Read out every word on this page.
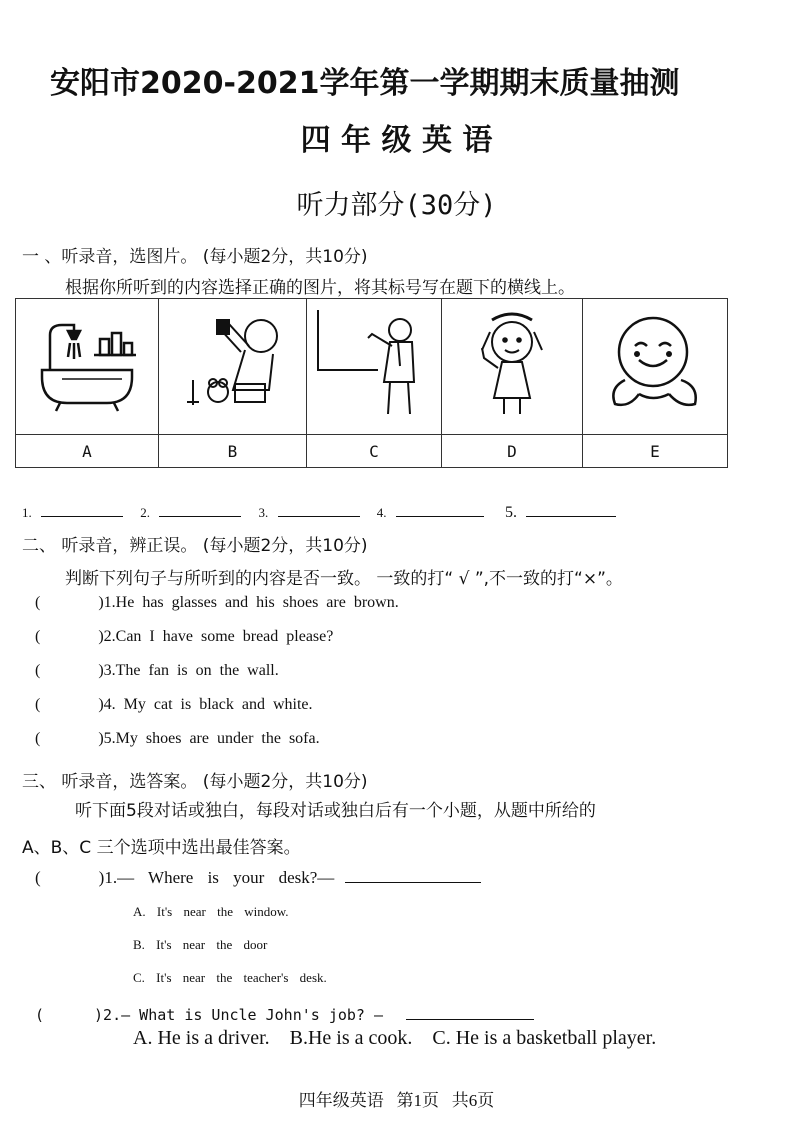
安阳市2020-2021学年第一学期期末质量抽测
四 年 级 英 语
听力部分(30分)
一 、听录音，选图片。 (每小题2分，共10分)
根据你所听到的内容选择正确的图片，将其标号写在题下的横线上。

A	B	C	D	E
1.	2.	3.	4.	5.
二、 听录音，辨正误。 (每小题2分，共10分)
判断下列句子与所听到的内容是否一致。 一致的打“ √ ”,不一致的打“×”。
(	)1.He has glasses and his shoes are brown.
(	)2.Can I have some bread please?
(	)3.The fan is on the wall.
(	)4. My cat is black and white.
(	)5.My shoes are under the sofa.
三、 听录音，选答案。 (每小题2分，共10分)
听下面5段对话或独白，每段对话或独白后有一个小题，从题中所给的
A、B、C 三个选项中选出最佳答案。
(	)1.— Where is your desk?—
A. It's near the window.
B. It's near the door
C. It's near the teacher's desk.
(	)2.— What is Uncle John's job? —
A. He is a driver.    B.He is a cook.    C. He is a basketball player.
四年级英语   第1页   共6页
